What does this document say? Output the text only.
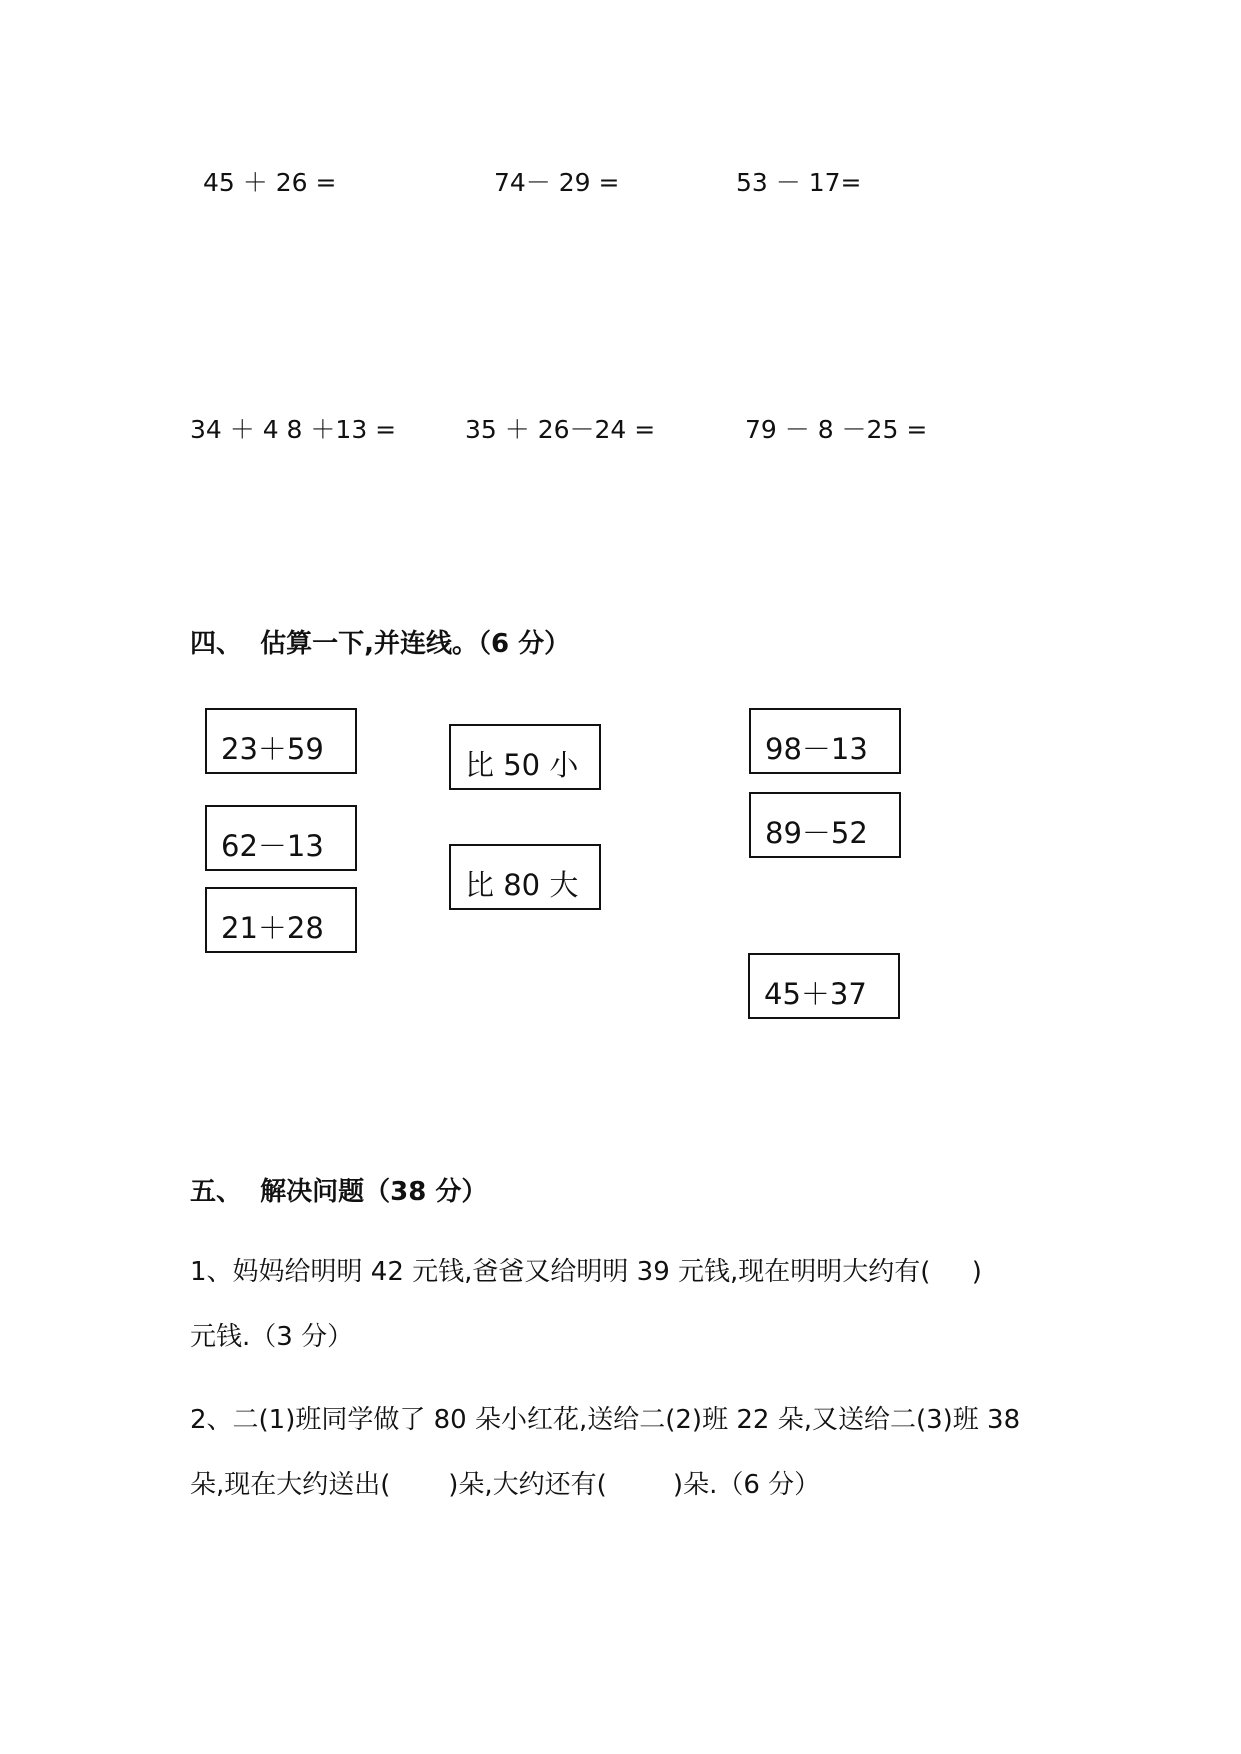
45 ＋ 26 =	74－ 29 =	53 － 17=
34 ＋ 4 8 ＋13 =	35 ＋ 26－24 =	79 － 8 －25 =
四、  估算一下,并连线。（6 分）
23＋59
62－13
21＋28
比 50 小
比 80 大
98－13
89－52
45＋37
五、  解决问题（38 分）
1、妈妈给明明 42 元钱,爸爸又给明明 39 元钱,现在明明大约有(     )
元钱.（3 分）
2、二(1)班同学做了 80 朵小红花,送给二(2)班 22 朵,又送给二(3)班 38
朵,现在大约送出(       )朵,大约还有(        )朵.（6 分）
